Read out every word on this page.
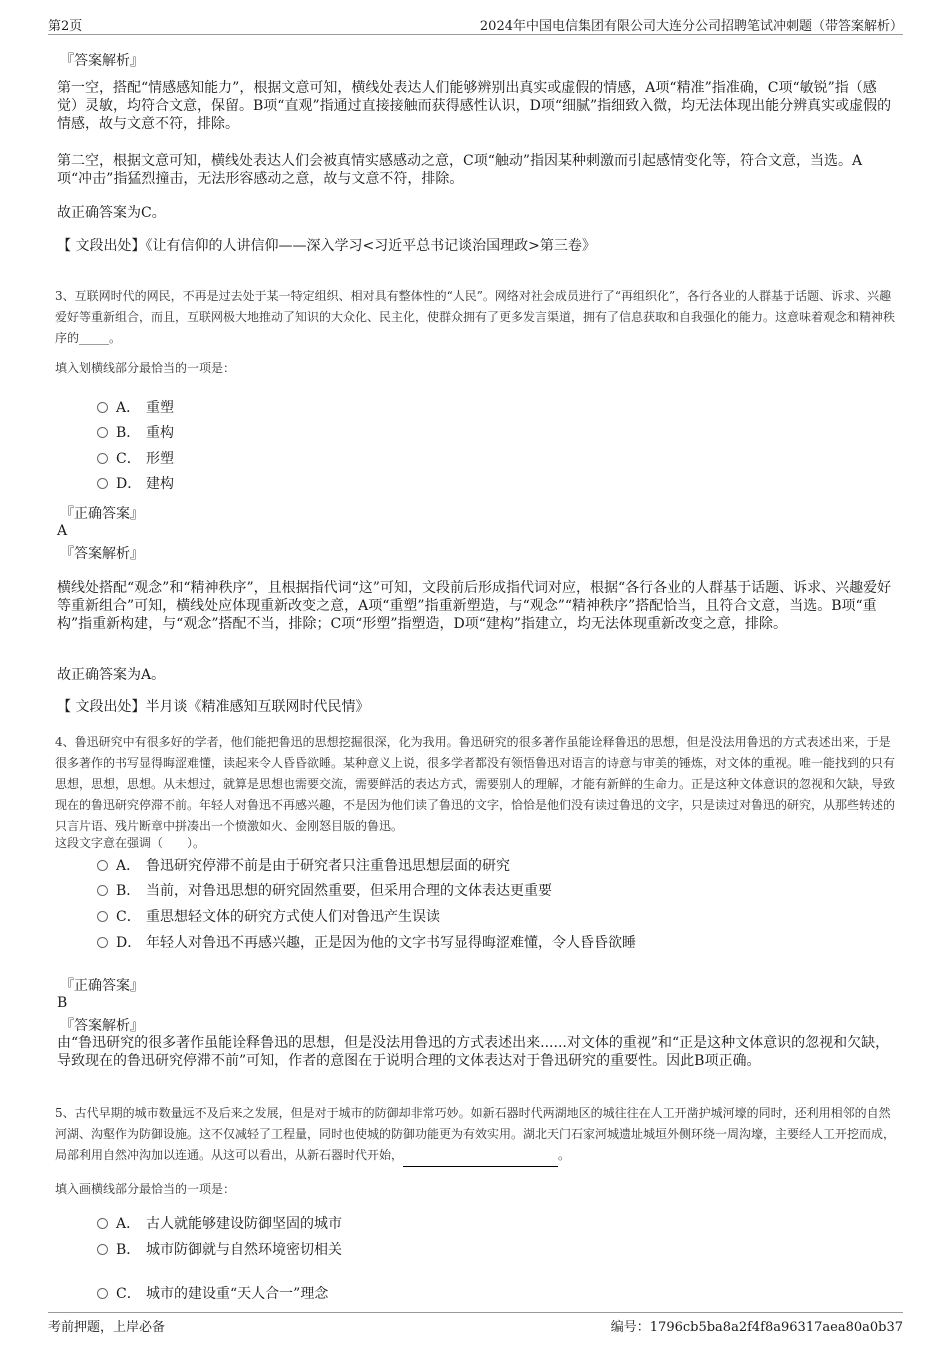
第2页	2024年中国电信集团有限公司大连分公司招聘笔试冲刺题（带答案解析）
『答案解析』

第一空，搭配“情感感知能力”，根据文意可知，横线处表达人们能够辨别出真实或虚假的情感，A项“精准”指准确，C项“敏锐”指（感觉）灵敏，均符合文意，保留。B项“直观”指通过直接接触而获得感性认识，D项“细腻”指细致入微，均无法体现出能分辨真实或虚假的情感，故与文意不符，排除。

第二空，根据文意可知，横线处表达人们会被真情实感感动之意，C项“触动”指因某种刺激而引起感情变化等，符合文意，当选。A项“冲击”指猛烈撞击，无法形容感动之意，故与文意不符，排除。

故正确答案为C。

【 文段出处】《让有信仰的人讲信仰——深入学习<习近平总书记谈治国理政>第三卷》

3、互联网时代的网民，不再是过去处于某一特定组织、相对具有整体性的“人民”。网络对社会成员进行了“再组织化”，各行各业的人群基于话题、诉求、兴趣爱好等重新组合，而且，互联网极大地推动了知识的大众化、民主化，使群众拥有了更多发言渠道，拥有了信息获取和自我强化的能力。这意味着观念和精神秩序的_____。

填入划横线部分最恰当的一项是：

A． 重塑
B． 重构
C． 形塑
D． 建构
『正确答案』
A
『答案解析』

横线处搭配“观念”和“精神秩序”，且根据指代词“这”可知，文段前后形成指代词对应，根据“各行各业的人群基于话题、诉求、兴趣爱好等重新组合”可知，横线处应体现重新改变之意，A项“重塑”指重新塑造，与“观念”“精神秩序”搭配恰当，且符合文意，当选。B项“重构”指重新构建，与“观念”搭配不当，排除；C项“形塑”指塑造，D项“建构”指建立，均无法体现重新改变之意，排除。

故正确答案为A。

【 文段出处】半月谈《精准感知互联网时代民情》

4、鲁迅研究中有很多好的学者，他们能把鲁迅的思想挖掘很深，化为我用。鲁迅研究的很多著作虽能诠释鲁迅的思想，但是没法用鲁迅的方式表述出来，于是很多著作的书写显得晦涩难懂，读起来令人昏昏欲睡。某种意义上说，很多学者都没有领悟鲁迅对语言的诗意与审美的锤炼，对文体的重视。唯一能找到的只有思想，思想，思想。从未想过，就算是思想也需要交流，需要鲜活的表达方式，需要别人的理解，才能有新鲜的生命力。正是这种文体意识的忽视和欠缺，导致现在的鲁迅研究停滞不前。年轻人对鲁迅不再感兴趣，不是因为他们读了鲁迅的文字，恰恰是他们没有读过鲁迅的文字，只是读过对鲁迅的研究，从那些转述的只言片语、残片断章中拼凑出一个愤激如火、金刚怒目版的鲁迅。

这段文字意在强调（　　）。

A． 鲁迅研究停滞不前是由于研究者只注重鲁迅思想层面的研究
B． 当前，对鲁迅思想的研究固然重要，但采用合理的文体表达更重要
C． 重思想轻文体的研究方式使人们对鲁迅产生误读
D． 年轻人对鲁迅不再感兴趣，正是因为他的文字书写显得晦涩难懂，令人昏昏欲睡
『正确答案』
B
『答案解析』

由“鲁迅研究的很多著作虽能诠释鲁迅的思想，但是没法用鲁迅的方式表述出来......对文体的重视”和“正是这种文体意识的忽视和欠缺，导致现在的鲁迅研究停滞不前”可知，作者的意图在于说明合理的文体表达对于鲁迅研究的重要性。因此B项正确。

5、古代早期的城市数量远不及后来之发展，但是对于城市的防御却非常巧妙。如新石器时代两湖地区的城往往在人工开凿护城河壕的同时，还利用相邻的自然河湖、沟壑作为防御设施。这不仅减轻了工程量，同时也使城的防御功能更为有效实用。湖北天门石家河城遗址城垣外侧环绕一周沟壕，主要经人工开挖而成，局部利用自然冲沟加以连通。从这可以看出，从新石器时代开始，	。

填入画横线部分最恰当的一项是：

A． 古人就能够建设防御坚固的城市
B． 城市防御就与自然环境密切相关
C． 城市的建设重“天人合一”理念
考前押题，上岸必备	编号：1796cb5ba8a2f4f8a96317aea80a0b37
